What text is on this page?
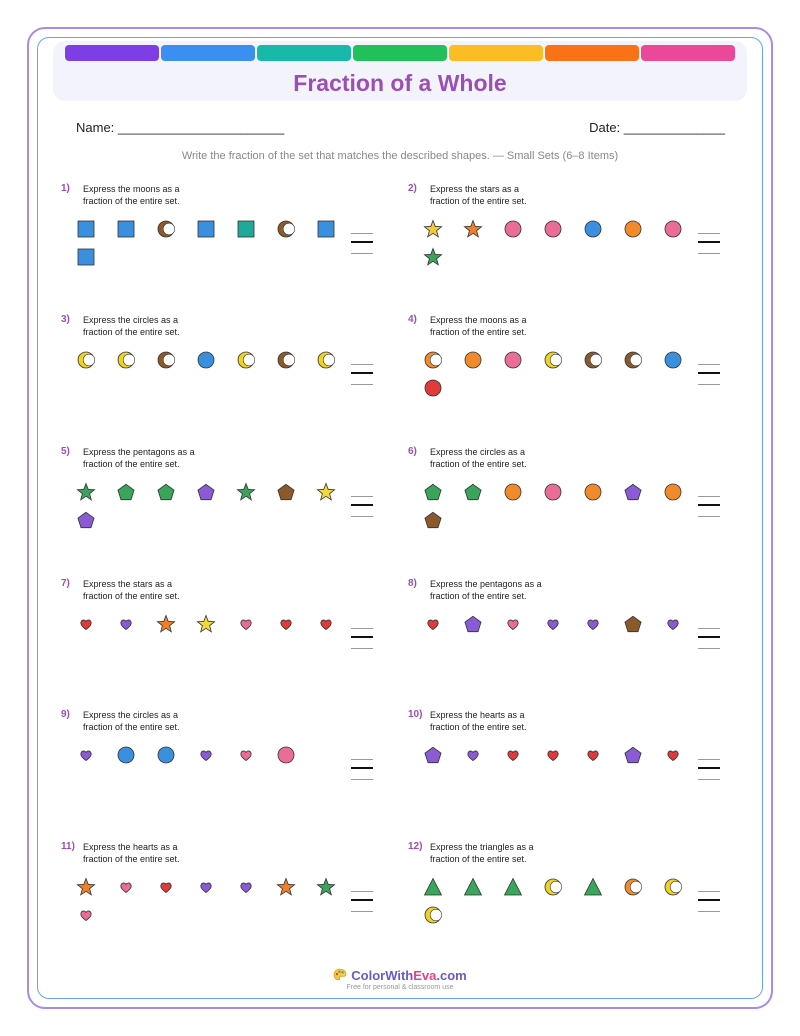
Fraction of a Whole
Name: _______________________	Date: ______________
Write the fraction of the set that matches the described shapes. — Small Sets (6–8 Items)
1) Express the moons as a
fraction of the entire set.
2) Express the stars as a
fraction of the entire set.
3) Express the circles as a
fraction of the entire set.
4) Express the moons as a
fraction of the entire set.
5) Express the pentagons as a
fraction of the entire set.
6) Express the circles as a
fraction of the entire set.
7) Express the stars as a
fraction of the entire set.
8) Express the pentagons as a
fraction of the entire set.
9) Express the circles as a
fraction of the entire set.
10) Express the hearts as a
fraction of the entire set.
11) Express the hearts as a
fraction of the entire set.
12) Express the triangles as a
fraction of the entire set.
ColorWithEva.com
Free for personal & classroom use
